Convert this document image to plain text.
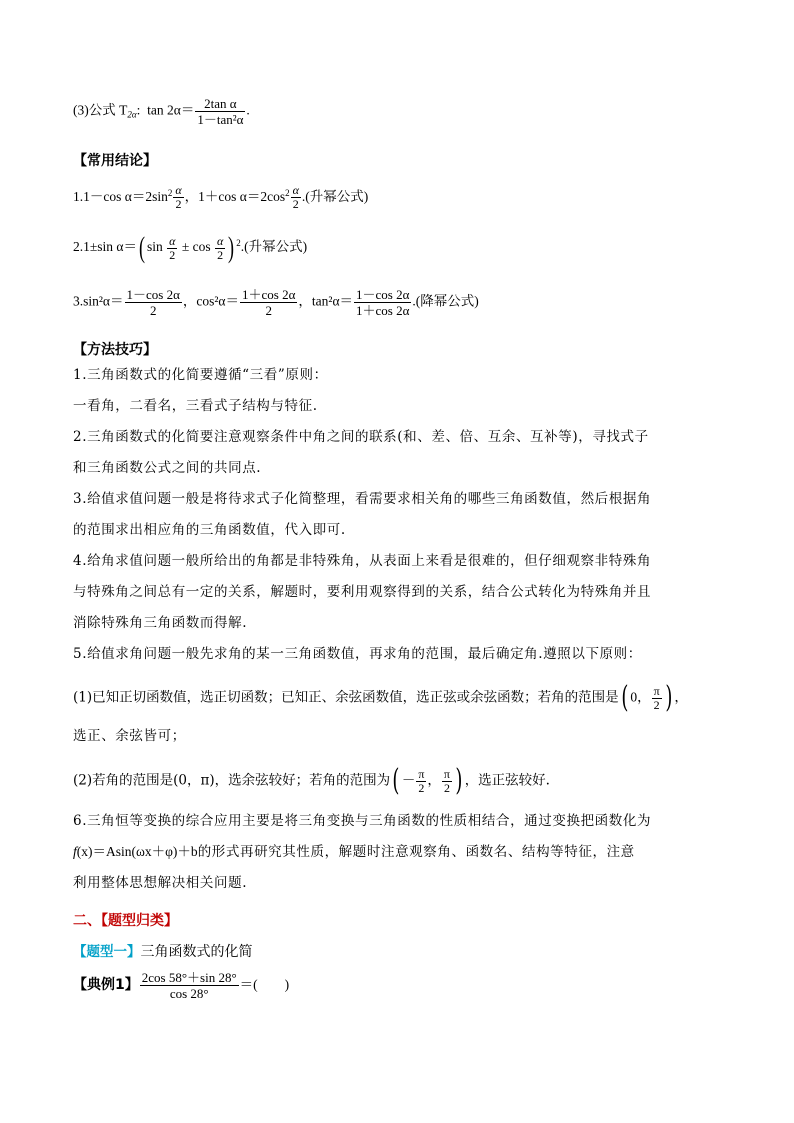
(3)公式 $T_{2\alpha}$: $\tan 2\alpha= \frac{\text{2tan α}}{\text{1－tan²α}}$ .
【常用结论】
1.1－cos $\alpha=2\sin^2 \frac{\alpha}{2}$ ，1＋cos $\alpha=2\cos^2 \frac{\alpha}{2}$ .(升幂公式)
2.1±sin α＝( $\sin \frac{\alpha}{2} \pm \cos \frac{\alpha}{2}$ ) $^2$.(升幂公式)
$3.\sin^2\alpha= \frac{1-\cos 2\alpha}{2}$ ，$\cos^2\alpha= \frac{1+\cos 2\alpha}{2}$ ，$\tan^2\alpha= \frac{1-\cos 2\alpha}{1+\cos 2\alpha}$ .(降幂公式)
【方法技巧】
1.三角函数式的化简要遵循“三看”原则：
一看角，二看名，三看式子结构与特征.
2.三角函数式的化简要注意观察条件中角之间的联系(和、差、倍、互余、互补等)，寻找式子
和三角函数公式之间的共同点.
3.给值求值问题一般是将待求式子化简整理，看需要求相关角的哪些三角函数值，然后根据角
的范围求出相应角的三角函数值，代入即可.
4.给角求值问题一般所给出的角都是非特殊角，从表面上来看是很难的，但仔细观察非特殊角
与特殊角之间总有一定的关系，解题时，要利用观察得到的关系，结合公式转化为特殊角并且
消除特殊角三角函数而得解.
5.给值求角问题一般先求角的某一三角函数值，再求角的范围，最后确定角.遵照以下原则：
(1)已知正切函数值，选正切函数；已知正、余弦函数值，选正弦或余弦函数；若角的范围是( 0， $\frac{\pi}{2}$ ) ，
选正、余弦皆可；
(2)若角的范围是(0，π)，选余弦较好；若角的范围为( － $\frac{\pi}{2}$ ， $\frac{\pi}{2}$ ) ，选正弦较好.
6.三角恒等变换的综合应用主要是将三角变换与三角函数的性质相结合，通过变换把函数化为
f(x)＝Asin(ωx＋φ)＋b的形式再研究其性质，解题时注意观察角、函数名、结构等特征，注意
利用整体思想解决相关问题.
二、【题型归类】
【题型一】三角函数式的化简
【典例1】 $\frac{2\cos 58^\circ+\sin 28^\circ}{\cos 28^\circ}$ ＝(　　)
